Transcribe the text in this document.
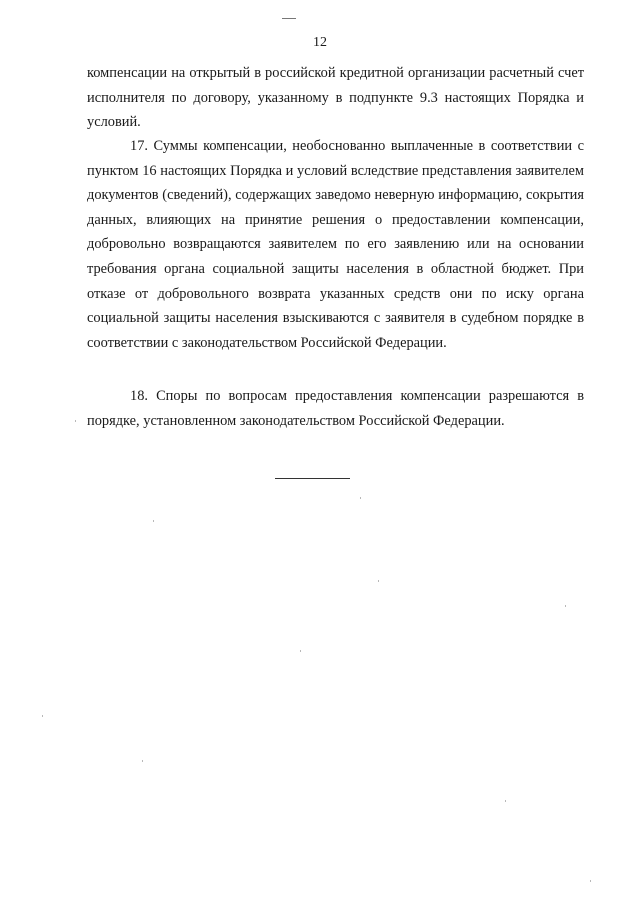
12

компенсации на открытый в российской кредитной организации расчетный счет исполнителя по договору, указанному в подпункте 9.3 настоящих Порядка и условий.

17. Суммы компенсации, необоснованно выплаченные в соответствии с пунктом 16 настоящих Порядка и условий вследствие представления заявителем документов (сведений), содержащих заведомо неверную информацию, сокрытия данных, влияющих на принятие решения о предоставлении компенсации, добровольно возвращаются заявителем по его заявлению или на основании требования органа социальной защиты населения в областной бюджет. При отказе от добровольного возврата указанных средств они по иску органа социальной защиты населения взыскиваются с заявителя в судебном порядке в соответствии с законодательством Российской Федерации.

18. Споры по вопросам предоставления компенсации разрешаются в порядке, установленном законодательством Российской Федерации.
